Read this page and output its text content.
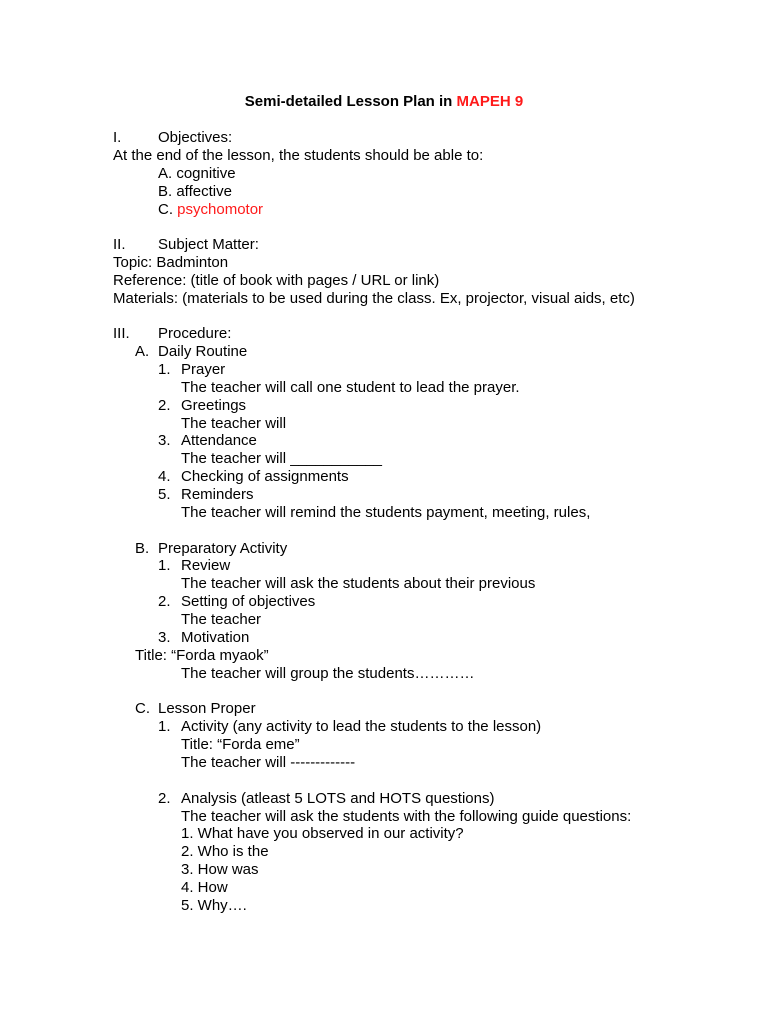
Semi-detailed Lesson Plan in MAPEH 9
I. Objectives:
At the end of the lesson, the students should be able to:
A. cognitive
B. affective
C. psychomotor
II. Subject Matter:
Topic: Badminton
Reference: (title of book with pages / URL or link)
Materials: (materials to be used during the class. Ex, projector, visual aids, etc)
III. Procedure:
A. Daily Routine
1. Prayer
The teacher will call one student to lead the prayer.
2. Greetings
The teacher will
3. Attendance
The teacher will ___________
4. Checking of assignments
5. Reminders
The teacher will remind the students payment, meeting, rules,
B. Preparatory Activity
1. Review
The teacher will ask the students about their previous
2. Setting of objectives
The teacher
3. Motivation
Title: “Forda myaok”
The teacher will group the students…………
C. Lesson Proper
1. Activity (any activity to lead the students to the lesson)
Title: “Forda eme”
The teacher will -------------
2. Analysis (atleast 5 LOTS and HOTS questions)
The teacher will ask the students with the following guide questions:
1. What have you observed in our activity?
2. Who is the
3. How was
4. How
5. Why….
